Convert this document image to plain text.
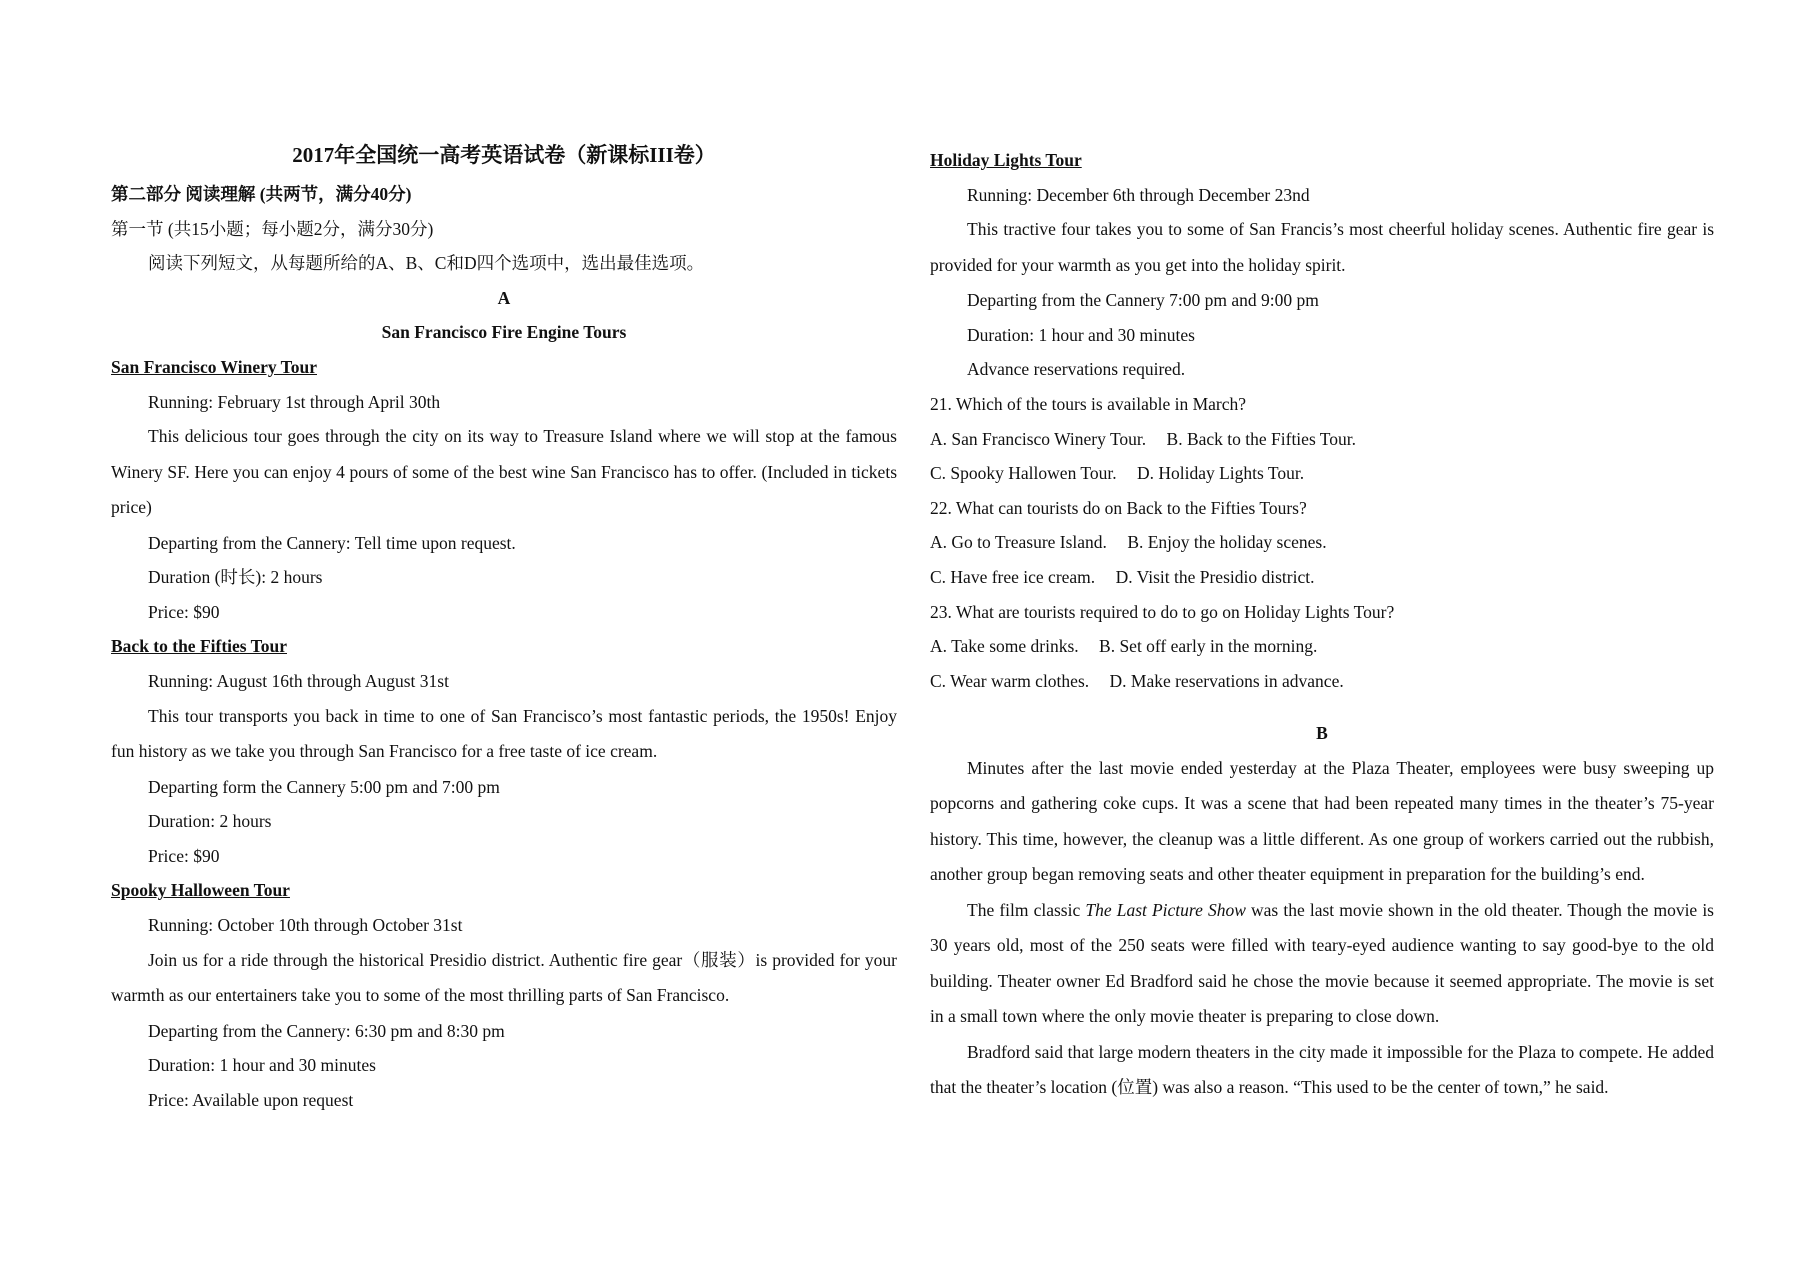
2017年全国统一高考英语试卷（新课标III卷）
第二部分 阅读理解 (共两节，满分40分)
第一节 (共15小题；每小题2分，满分30分)
阅读下列短文，从每题所给的A、B、C和D四个选项中，选出最佳选项。
A
San Francisco Fire Engine Tours
San Francisco Winery Tour
Running: February 1st through April 30th

This delicious tour goes through the city on its way to Treasure Island where we will stop at the famous Winery SF. Here you can enjoy 4 pours of some of the best wine San Francisco has to offer. (Included in tickets price)

Departing from the Cannery: Tell time upon request.
Duration (时长): 2 hours
Price: $90
Back to the Fifties Tour
Running: August 16th through August 31st

This tour transports you back in time to one of San Francisco’s most fantastic periods, the 1950s! Enjoy fun history as we take you through San Francisco for a free taste of ice cream.

Departing form the Cannery 5:00 pm and 7:00 pm
Duration: 2 hours
Price: $90
Spooky Halloween Tour
Running: October 10th through October 31st

Join us for a ride through the historical Presidio district. Authentic fire gear（服装）is provided for your warmth as our entertainers take you to some of the most thrilling parts of San Francisco.

Departing from the Cannery: 6:30 pm and 8:30 pm
Duration: 1 hour and 30 minutes
Price: Available upon request
Holiday Lights Tour
Running: December 6th through December 23nd

This tractive four takes you to some of San Francis’s most cheerful holiday scenes. Authentic fire gear is provided for your warmth as you get into the holiday spirit.

Departing from the Cannery 7:00 pm and 9:00 pm
Duration: 1 hour and 30 minutes
Advance reservations required.
21. Which of the tours is available in March?
A. San Francisco Winery Tour. B. Back to the Fifties Tour.
C. Spooky Hallowen Tour. D. Holiday Lights Tour.
22. What can tourists do on Back to the Fifties Tours?
A. Go to Treasure Island. B. Enjoy the holiday scenes.
C. Have free ice cream. D. Visit the Presidio district.
23. What are tourists required to do to go on Holiday Lights Tour?
A. Take some drinks. B. Set off early in the morning.
C. Wear warm clothes. D. Make reservations in advance.
B

Minutes after the last movie ended yesterday at the Plaza Theater, employees were busy sweeping up popcorns and gathering coke cups. It was a scene that had been repeated many times in the theater’s 75-year history. This time, however, the cleanup was a little different. As one group of workers carried out the rubbish, another group began removing seats and other theater equipment in preparation for the building’s end.

The film classic The Last Picture Show was the last movie shown in the old theater. Though the movie is 30 years old, most of the 250 seats were filled with teary-eyed audience wanting to say good-bye to the old building. Theater owner Ed Bradford said he chose the movie because it seemed appropriate. The movie is set in a small town where the only movie theater is preparing to close down.

Bradford said that large modern theaters in the city made it impossible for the Plaza to compete. He added that the theater’s location (位置) was also a reason. “This used to be the center of town,” he said.
